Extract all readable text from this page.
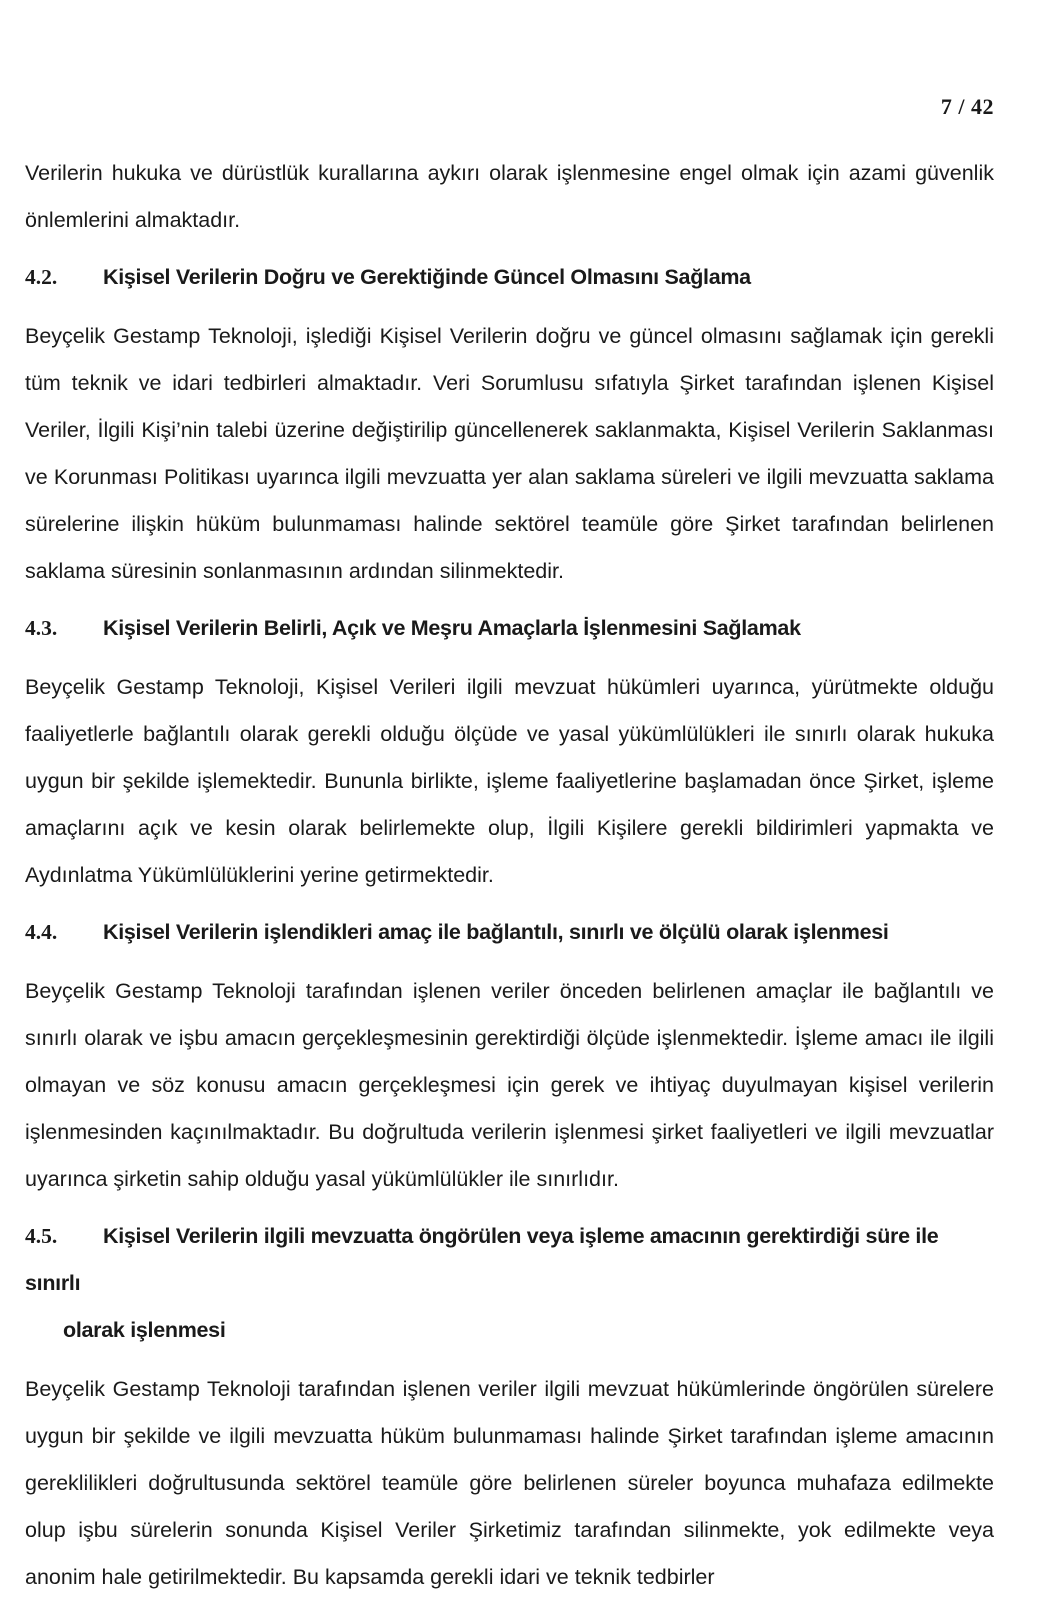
7 / 42

Verilerin hukuka ve dürüstlük kurallarına aykırı olarak işlenmesine engel olmak için azami güvenlik önlemlerini almaktadır.

4.2.	Kişisel Verilerin Doğru ve Gerektiğinde Güncel Olmasını Sağlama

Beyçelik Gestamp Teknoloji, işlediği Kişisel Verilerin doğru ve güncel olmasını sağlamak için gerekli tüm teknik ve idari tedbirleri almaktadır. Veri Sorumlusu sıfatıyla Şirket tarafından işlenen Kişisel Veriler, İlgili Kişi’nin talebi üzerine değiştirilip güncellenerek saklanmakta, Kişisel Verilerin Saklanması ve Korunması Politikası uyarınca ilgili mevzuatta yer alan saklama süreleri ve ilgili mevzuatta saklama sürelerine ilişkin hüküm bulunmaması halinde sektörel teamüle göre Şirket tarafından belirlenen saklama süresinin sonlanmasının ardından silinmektedir.

4.3.	Kişisel Verilerin Belirli, Açık ve Meşru Amaçlarla İşlenmesini Sağlamak

Beyçelik Gestamp Teknoloji, Kişisel Verileri ilgili mevzuat hükümleri uyarınca, yürütmekte olduğu faaliyetlerle bağlantılı olarak gerekli olduğu ölçüde ve yasal yükümlülükleri ile sınırlı olarak hukuka uygun bir şekilde işlemektedir. Bununla birlikte, işleme faaliyetlerine başlamadan önce Şirket, işleme amaçlarını açık ve kesin olarak belirlemekte olup, İlgili Kişilere gerekli bildirimleri yapmakta ve Aydınlatma Yükümlülüklerini yerine getirmektedir.

4.4.	Kişisel Verilerin işlendikleri amaç ile bağlantılı, sınırlı ve ölçülü olarak işlenmesi

Beyçelik Gestamp Teknoloji tarafından işlenen veriler önceden belirlenen amaçlar ile bağlantılı ve sınırlı olarak ve işbu amacın gerçekleşmesinin gerektirdiği ölçüde işlenmektedir. İşleme amacı ile ilgili olmayan ve söz konusu amacın gerçekleşmesi için gerek ve ihtiyaç duyulmayan kişisel verilerin işlenmesinden kaçınılmaktadır. Bu doğrultuda verilerin işlenmesi şirket faaliyetleri ve ilgili mevzuatlar uyarınca şirketin sahip olduğu yasal yükümlülükler ile sınırlıdır.

4.5. Kişisel Verilerin ilgili mevzuatta öngörülen veya işleme amacının gerektirdiği süre ile sınırlı
olarak işlenmesi

Beyçelik Gestamp Teknoloji tarafından işlenen veriler ilgili mevzuat hükümlerinde öngörülen sürelere uygun bir şekilde ve ilgili mevzuatta hüküm bulunmaması halinde Şirket tarafından işleme amacının gereklilikleri doğrultusunda sektörel teamüle göre belirlenen süreler boyunca muhafaza edilmekte olup işbu sürelerin sonunda Kişisel Veriler Şirketimiz tarafından silinmekte, yok edilmekte veya anonim hale getirilmektedir. Bu kapsamda gerekli idari ve teknik tedbirler
